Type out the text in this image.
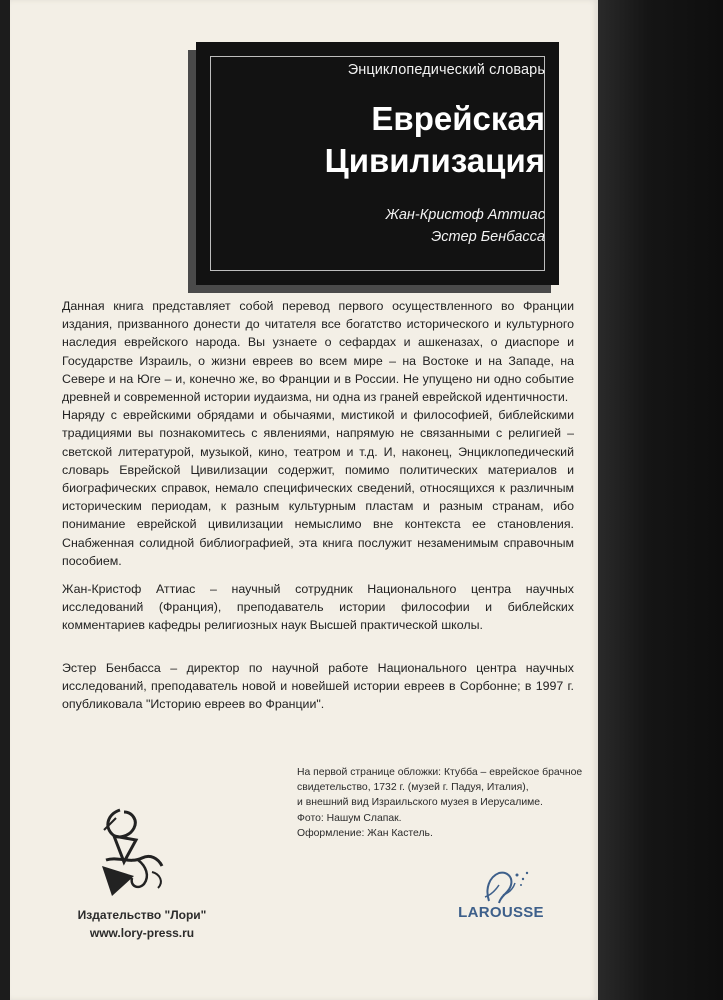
Энциклопедический словарь
Еврейская
Цивилизация
Жан-Кристоф Аттиас
Эстер Бенбасса

Данная книга представляет собой перевод первого осуществленного во Франции издания, призванного донести до читателя все богатство исторического и культурного наследия еврейского народа. Вы узнаете о сефардах и ашкеназах, о диаспоре и Государстве Израиль, о жизни евреев во всем мире – на Востоке и на Западе, на Севере и на Юге – и, конечно же, во Франции и в России. Не упущено ни одно событие древней и современной истории иудаизма, ни одна из граней еврейской идентичности.

Наряду с еврейскими обрядами и обычаями, мистикой и философией, библейскими традициями вы познакомитесь с явлениями, напрямую не связанными с религией – светской литературой, музыкой, кино, театром и т.д. И, наконец, Энциклопедический словарь Еврейской Цивилизации содержит, помимо политических материалов и биографических справок, немало специфических сведений, относящихся к различным историческим периодам, к разным культурным пластам и разным странам, ибо понимание еврейской цивилизации немыслимо вне контекста ее становления. Снабженная солидной библиографией, эта книга послужит незаменимым справочным пособием.

Жан-Кристоф Аттиас – научный сотрудник Национального центра научных исследований (Франция), преподаватель истории философии и библейских комментариев кафедры религиозных наук Высшей практической школы.

Эстер Бенбасса – директор по научной работе Национального центра научных исследований, преподаватель новой и новейшей истории евреев в Сорбонне; в 1997 г. опубликовала "Историю евреев во Франции".

На первой странице обложки: Ктубба – еврейское брачное
свидетельство, 1732 г. (музей г. Падуя, Италия),
и внешний вид Израильского музея в Иерусалиме.
Фото: Нашум Слапак.
Оформление: Жан Кастель.
Издательство "Лори"
www.lory-press.ru
LAROUSSE
